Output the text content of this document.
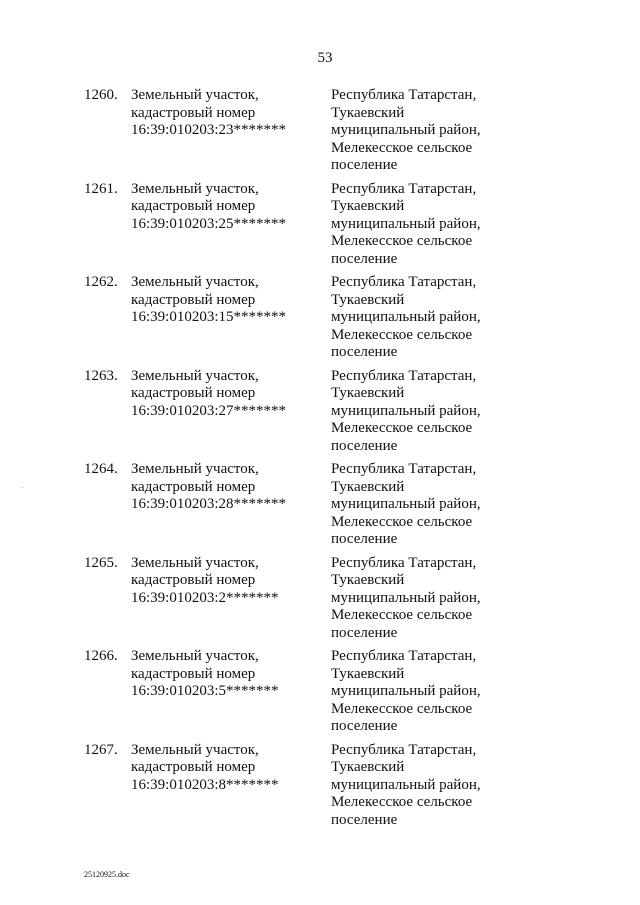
53
1260. Земельный участок,
кадастровый номер
16:39:010203:23*******
Республика Татарстан,
Тукаевский
муниципальный район,
Мелекесское сельское
поселение
1261. Земельный участок,
кадастровый номер
16:39:010203:25*******
Республика Татарстан,
Тукаевский
муниципальный район,
Мелекесское сельское
поселение
1262. Земельный участок,
кадастровый номер
16:39:010203:15*******
Республика Татарстан,
Тукаевский
муниципальный район,
Мелекесское сельское
поселение
1263. Земельный участок,
кадастровый номер
16:39:010203:27*******
Республика Татарстан,
Тукаевский
муниципальный район,
Мелекесское сельское
поселение
1264. Земельный участок,
кадастровый номер
16:39:010203:28*******
Республика Татарстан,
Тукаевский
муниципальный район,
Мелекесское сельское
поселение
1265. Земельный участок,
кадастровый номер
16:39:010203:2*******
Республика Татарстан,
Тукаевский
муниципальный район,
Мелекесское сельское
поселение
1266. Земельный участок,
кадастровый номер
16:39:010203:5*******
Республика Татарстан,
Тукаевский
муниципальный район,
Мелекесское сельское
поселение
1267. Земельный участок,
кадастровый номер
16:39:010203:8*******
Республика Татарстан,
Тукаевский
муниципальный район,
Мелекесское сельское
поселение
25120925.doc
